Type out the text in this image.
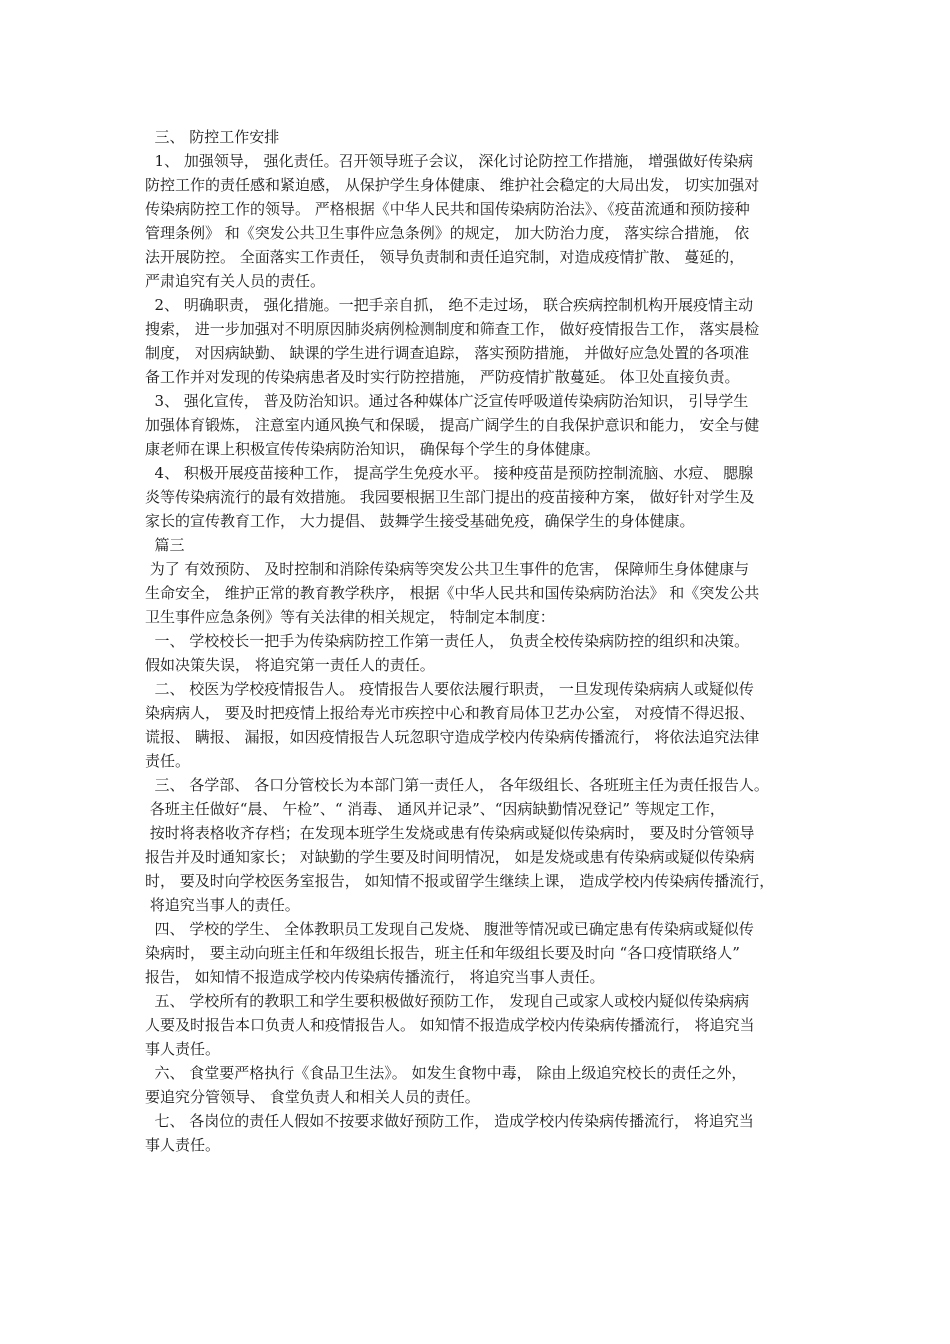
三、 防控工作安排
1、 加强领导， 强化责任。召开领导班子会议， 深化讨论防控工作措施， 增强做好传染病
防控工作的责任感和紧迫感， 从保护学生身体健康、 维护社会稳定的大局出发， 切实加强对
传染病防控工作的领导。 严格根据《中华人民共和国传染病防治法》、《疫苗流通和预防接种
管理条例》 和《突发公共卫生事件应急条例》的规定， 加大防治力度， 落实综合措施， 依
法开展防控。 全面落实工作责任， 领导负责制和责任追究制，对造成疫情扩散、 蔓延的，
严肃追究有关人员的责任。
2、 明确职责， 强化措施。一把手亲自抓， 绝不走过场， 联合疾病控制机构开展疫情主动
搜索， 进一步加强对不明原因肺炎病例检测制度和筛查工作， 做好疫情报告工作， 落实晨检
制度， 对因病缺勤、 缺课的学生进行调查追踪， 落实预防措施， 并做好应急处置的各项准
备工作并对发现的传染病患者及时实行防控措施， 严防疫情扩散蔓延。 体卫处直接负责。
3、 强化宣传， 普及防治知识。通过各种媒体广泛宣传呼吸道传染病防治知识， 引导学生
加强体育锻炼， 注意室内通风换气和保暖， 提高广阔学生的自我保护意识和能力， 安全与健
康老师在课上积极宣传传染病防治知识， 确保每个学生的身体健康。
4、 积极开展疫苗接种工作， 提高学生免疫水平。 接种疫苗是预防控制流脑、水痘、 腮腺
炎等传染病流行的最有效措施。 我园要根据卫生部门提出的疫苗接种方案， 做好针对学生及
家长的宣传教育工作， 大力提倡、 鼓舞学生接受基础免疫，确保学生的身体健康。
篇三
为了 有效预防、 及时控制和消除传染病等突发公共卫生事件的危害， 保障师生身体健康与
生命安全， 维护正常的教育教学秩序， 根据《中华人民共和国传染病防治法》 和《突发公共
卫生事件应急条例》等有关法律的相关规定， 特制定本制度：
一、 学校校长一把手为传染病防控工作第一责任人， 负责全校传染病防控的组织和决策。
假如决策失误， 将追究第一责任人的责任。
二、 校医为学校疫情报告人。 疫情报告人要依法履行职责， 一旦发现传染病病人或疑似传
染病病人， 要及时把疫情上报给寿光市疾控中心和教育局体卫艺办公室， 对疫情不得迟报、
谎报、 瞒报、 漏报，如因疫情报告人玩忽职守造成学校内传染病传播流行， 将依法追究法律
责任。
三、 各学部、 各口分管校长为本部门第一责任人， 各年级组长、各班班主任为责任报告人。
各班主任做好“晨、 午检”、“ 消毒、 通风并记录”、“因病缺勤情况登记” 等规定工作，
按时将表格收齐存档；在发现本班学生发烧或患有传染病或疑似传染病时， 要及时分管领导
报告并及时通知家长； 对缺勤的学生要及时间明情况， 如是发烧或患有传染病或疑似传染病
时， 要及时向学校医务室报告， 如知情不报或留学生继续上课， 造成学校内传染病传播流行，
将追究当事人的责任。
四、 学校的学生、 全体教职员工发现自己发烧、 腹泄等情况或已确定患有传染病或疑似传
染病时， 要主动向班主任和年级组长报告，班主任和年级组长要及时向 “各口疫情联络人”
报告， 如知情不报造成学校内传染病传播流行， 将追究当事人责任。
五、 学校所有的教职工和学生要积极做好预防工作， 发现自己或家人或校内疑似传染病病
人要及时报告本口负责人和疫情报告人。 如知情不报造成学校内传染病传播流行， 将追究当
事人责任。
六、 食堂要严格执行《食品卫生法》。 如发生食物中毒， 除由上级追究校长的责任之外，
要追究分管领导、 食堂负责人和相关人员的责任。
七、 各岗位的责任人假如不按要求做好预防工作， 造成学校内传染病传播流行， 将追究当
事人责任。
